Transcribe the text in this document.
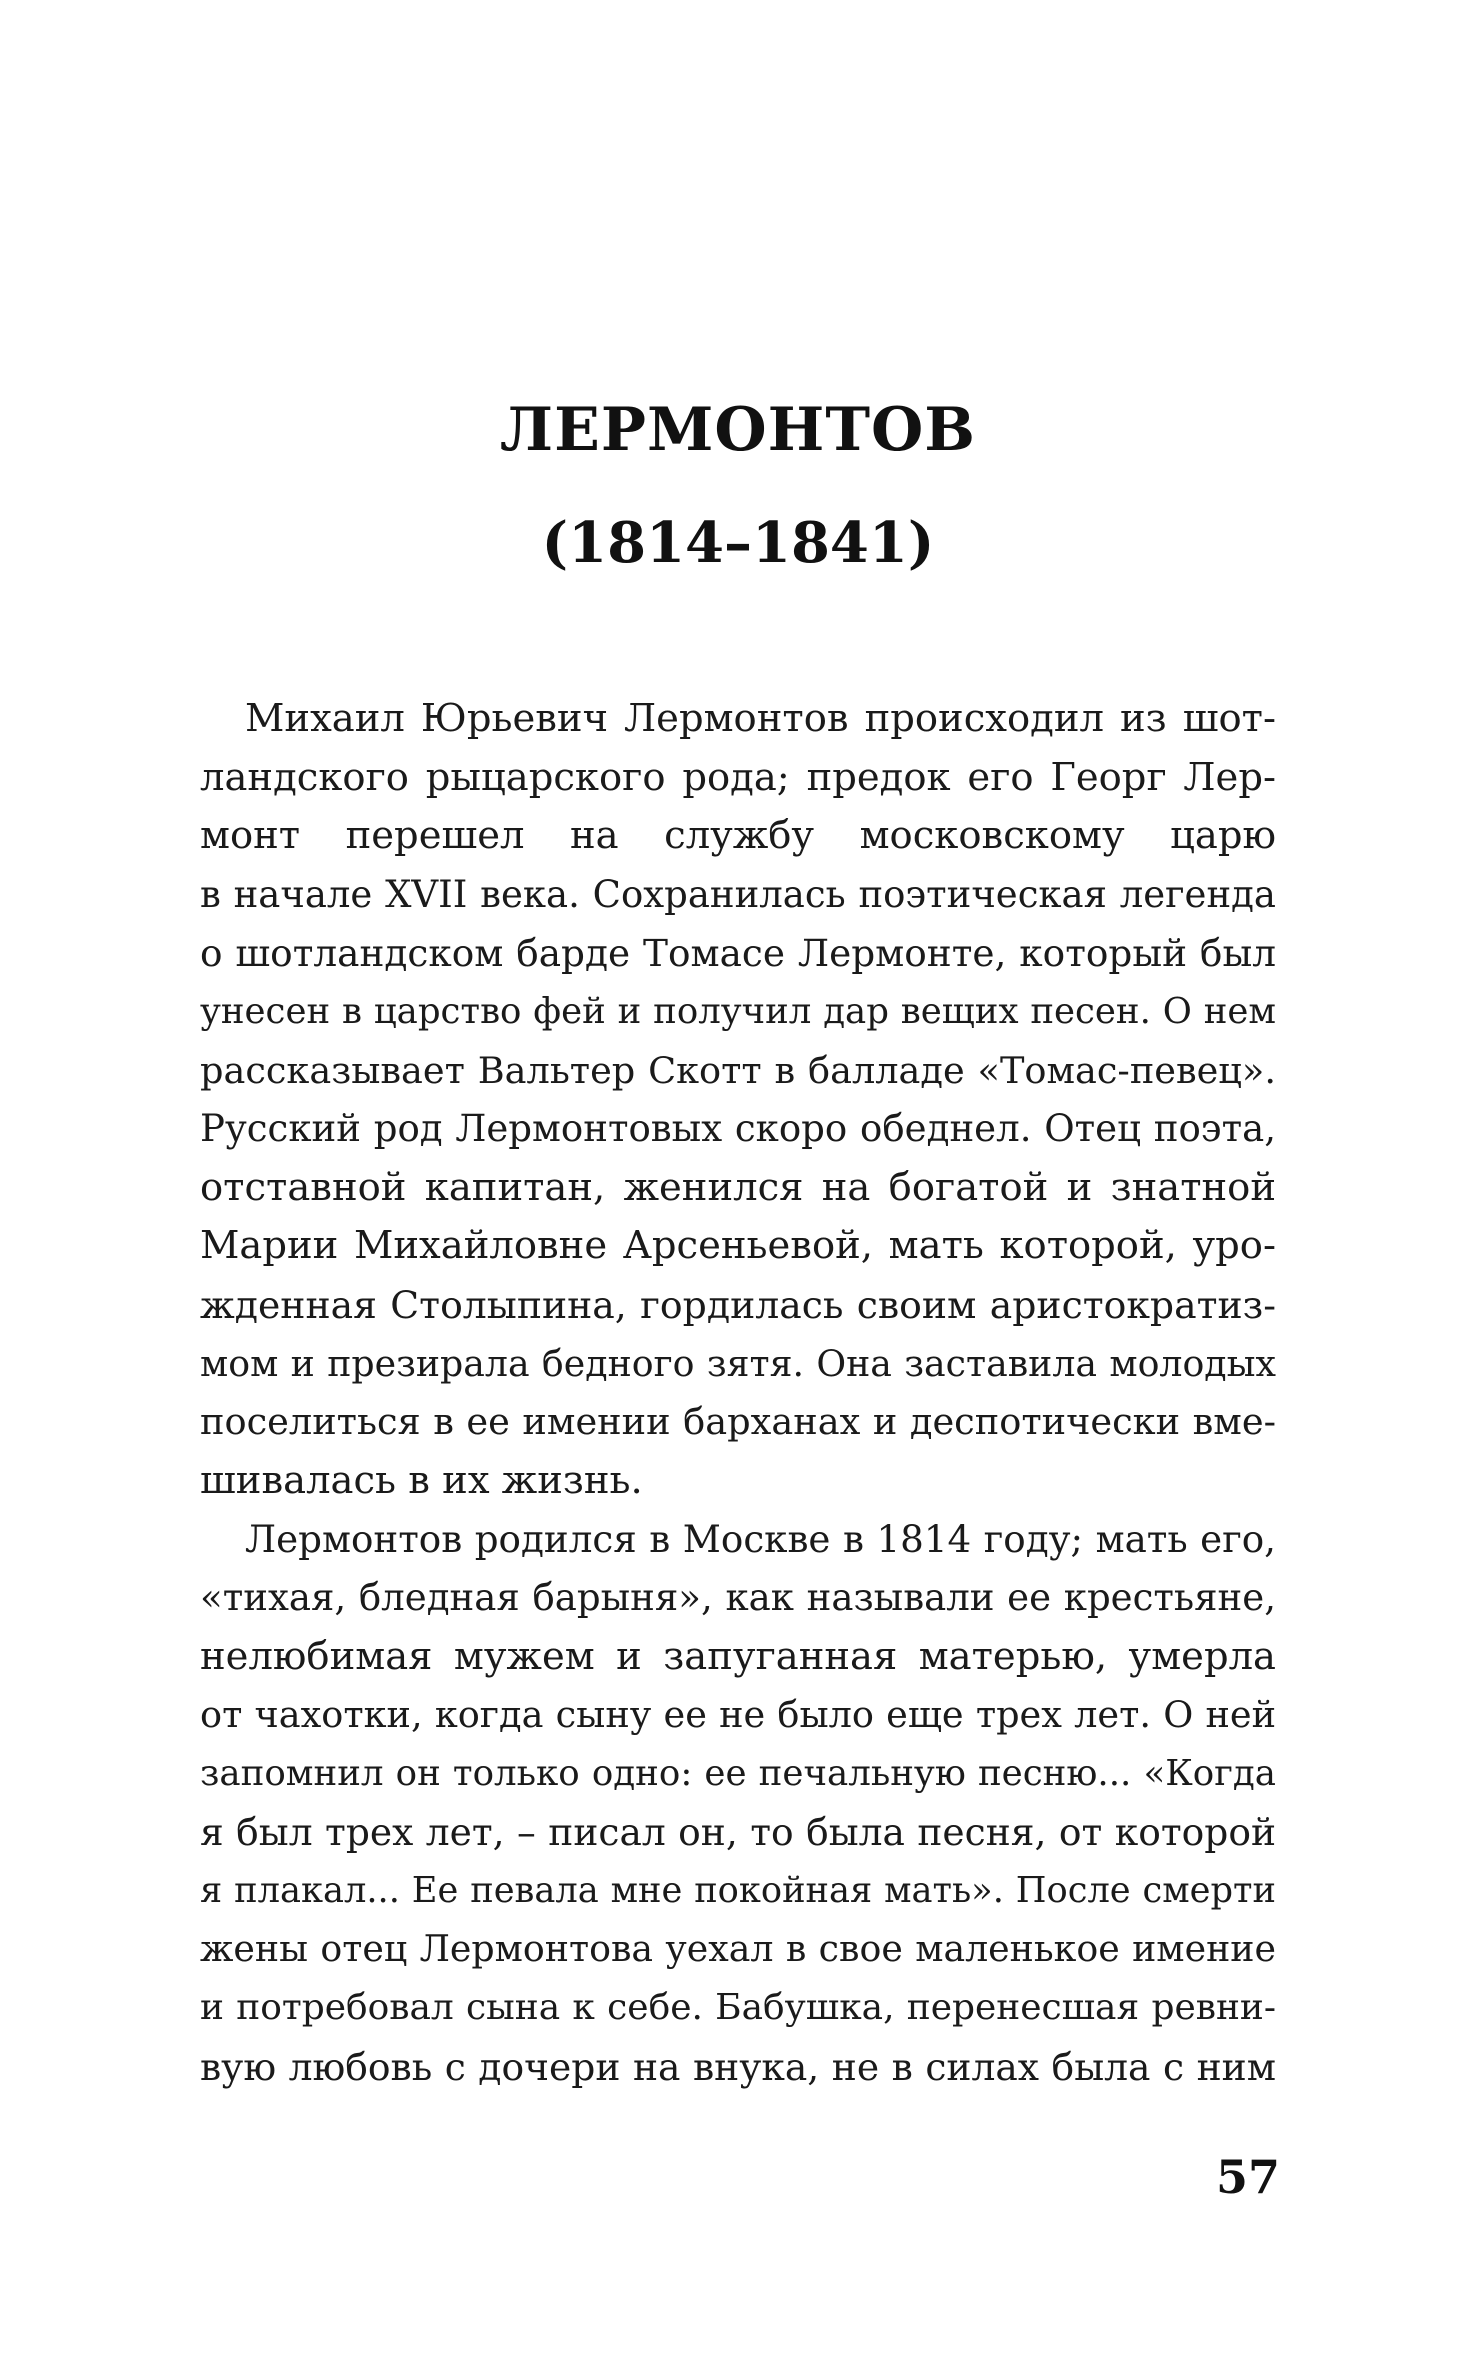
ЛЕРМОНТОВ
(1814–1841)
Михаил Юрьевич Лермонтов происходил из шот-
ландского рыцарского рода; предок его Георг Лер-
монт перешел на службу московскому царю
в начале XVII века. Сохранилась поэтическая легенда
о шотландском барде Томасе Лермонте, который был
унесен в царство фей и получил дар вещих песен. О нем
рассказывает Вальтер Скотт в балладе «Томас-певец».
Русский род Лермонтовых скоро обеднел. Отец поэта,
отставной капитан, женился на богатой и знатной
Марии Михайловне Арсеньевой, мать которой, уро-
жденная Столыпина, гордилась своим аристократиз-
мом и презирала бедного зятя. Она заставила молодых
поселиться в ее имении барханах и деспотически вме-
шивалась в их жизнь.
Лермонтов родился в Москве в 1814 году; мать его,
«тихая, бледная барыня», как называли ее крестьяне,
нелюбимая мужем и запуганная матерью, умерла
от чахотки, когда сыну ее не было еще трех лет. О ней
запомнил он только одно: ее печальную песню... «Когда
я был трех лет, – писал он, то была песня, от которой
я плакал... Ее певала мне покойная мать». После смерти
жены отец Лермонтова уехал в свое маленькое имение
и потребовал сына к себе. Бабушка, перенесшая ревни-
вую любовь с дочери на внука, не в силах была с ним

57
